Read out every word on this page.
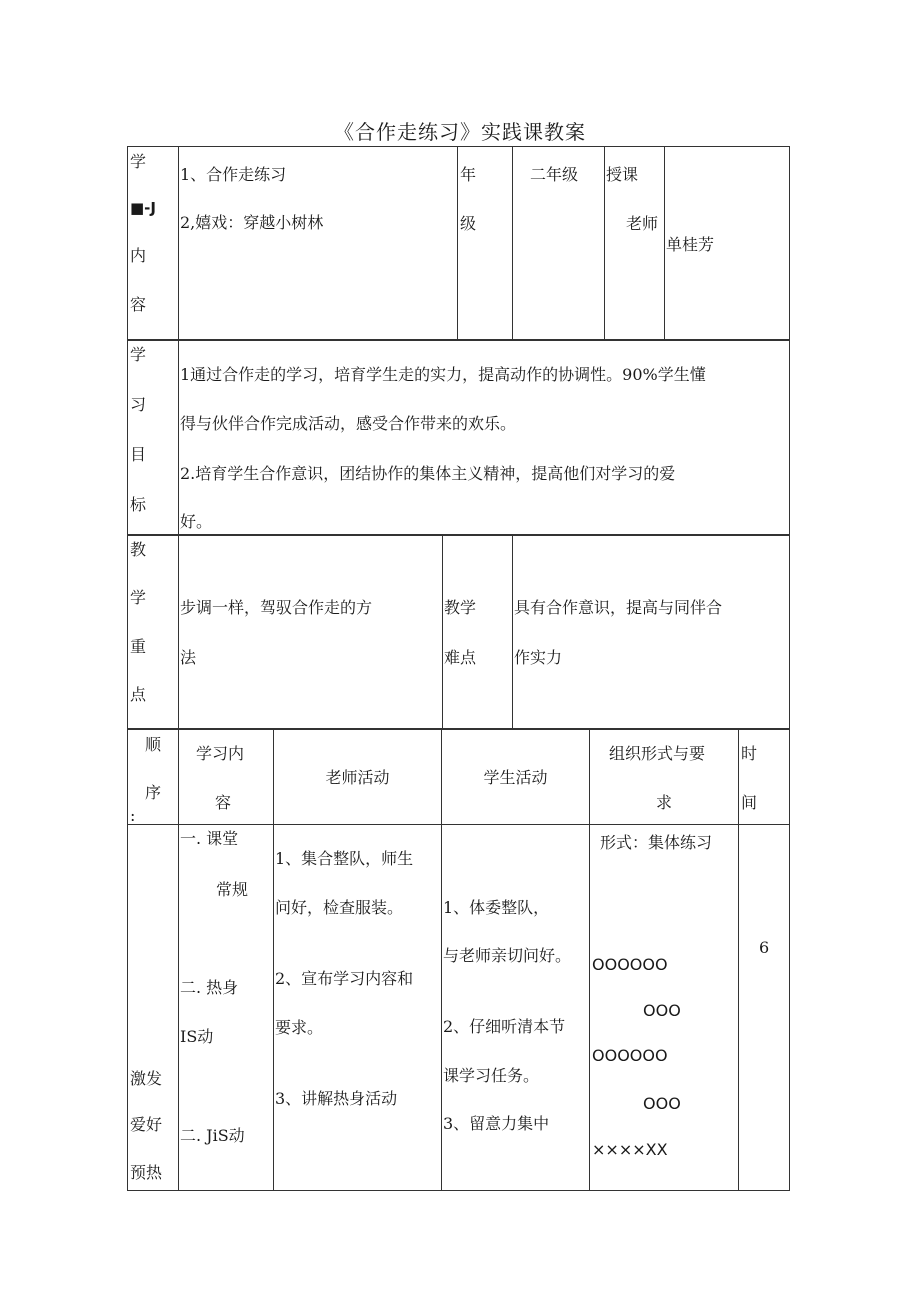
《合作走练习》实践课教案
学
■-J
内
容
1、合作走练习
2,嬉戏：穿越小树林
年
级
二年级 授课
老师
单桂芳
学
习
目
标
1通过合作走的学习，培育学生走的实力，提高动作的协调性。90%学生懂
得与伙伴合作完成活动，感受合作带来的欢乐。
2.培育学生合作意识，团结协作的集体主义精神，提高他们对学习的爱
好。
教
学
重
点
步调一样，驾驭合作走的方
法
教学
难点
具有合作意识，提高与同伴合
作实力
顺
序
:
学习内
容
老师活动	学生活动
组织形式与要
求
时
间
激发
爱好
预热
一. 课堂
常规
二. 热身
IS动
二. JiS动
1、集合整队，师生
问好，检查服装。
2、宣布学习内容和
要求。
3、讲解热身活动
1、体委整队，
与老师亲切问好。
2、仔细听清本节
课学习任务。
3、留意力集中
形式：集体练习
OOOOOO
OOO
OOOOOO
OOO
××××XX
6
